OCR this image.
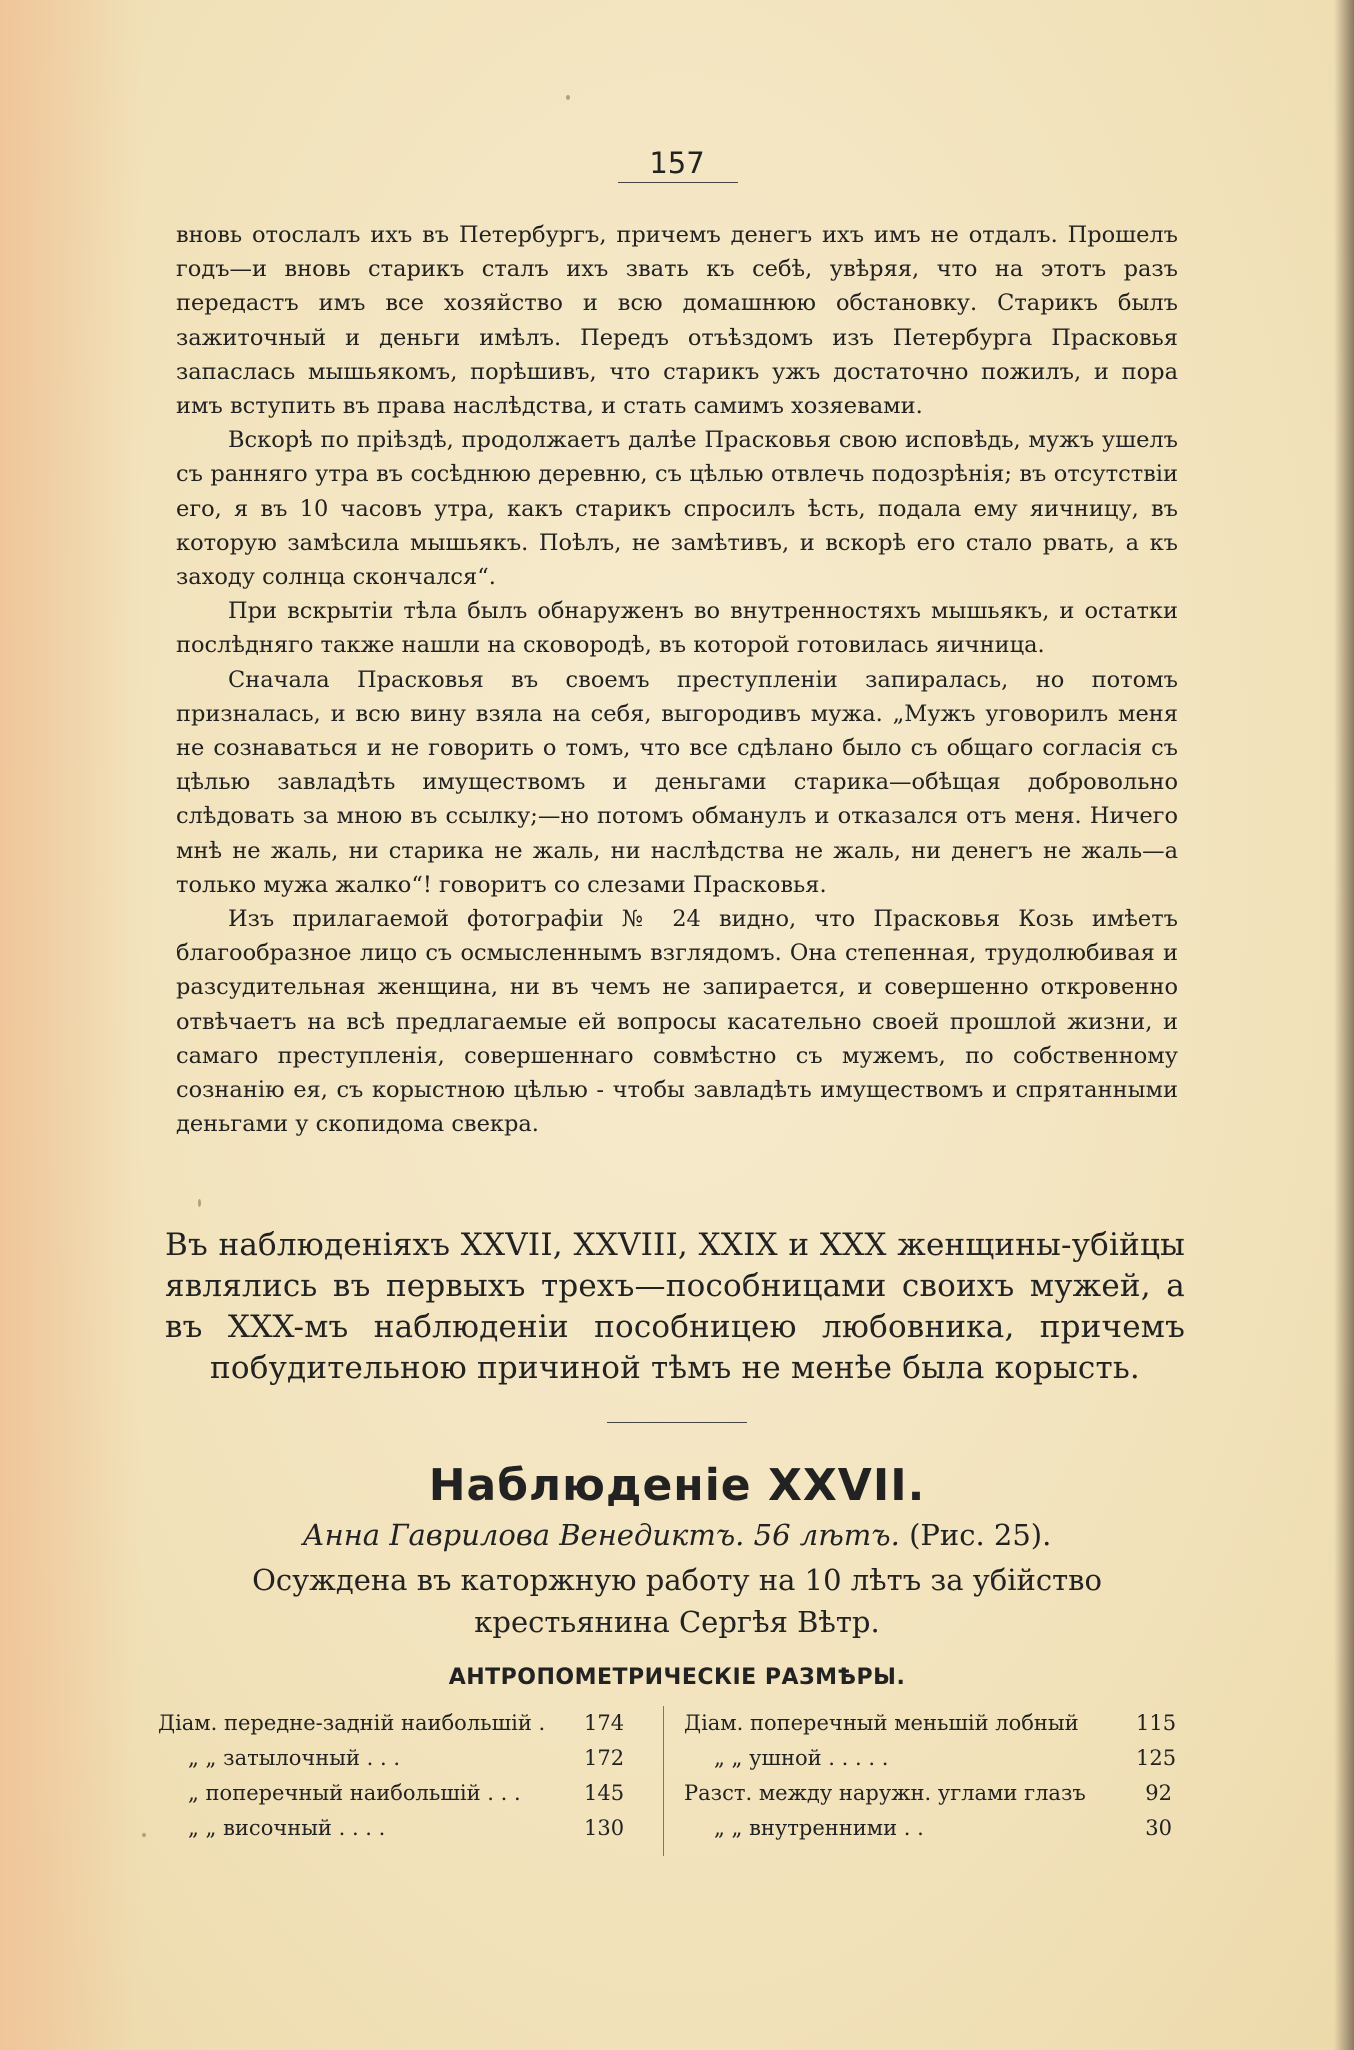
157

вновь отослалъ ихъ въ Петербургъ, причемъ денегъ ихъ имъ не отдалъ. Прошелъ годъ—и вновь старикъ сталъ ихъ звать къ себѣ, увѣряя, что на этотъ разъ передастъ имъ все хозяйство и всю домашнюю обстановку. Старикъ былъ зажиточный и деньги имѣлъ. Передъ отъѣздомъ изъ Петербурга Прасковья запаслась мышьякомъ, порѣшивъ, что старикъ ужъ достаточно пожилъ, и пора имъ вступить въ права наслѣдства, и стать самимъ хозяевами.

Вскорѣ по пріѣздѣ, продолжаетъ далѣе Прасковья свою исповѣдь, мужъ ушелъ съ ранняго утра въ сосѣднюю деревню, съ цѣлью отвлечь подозрѣнія; въ отсутствіи его, я въ 10 часовъ утра, какъ старикъ спросилъ ѣсть, подала ему яичницу, въ которую замѣсила мышьякъ. Поѣлъ, не замѣтивъ, и вскорѣ его стало рвать, а къ заходу солнца скончался“.

При вскрытіи тѣла былъ обнаруженъ во внутренностяхъ мышьякъ, и остатки послѣдняго также нашли на сковородѣ, въ которой готовилась яичница.

Сначала Прасковья въ своемъ преступленіи запиралась, но потомъ призналась, и всю вину взяла на себя, выгородивъ мужа. „Мужъ уговорилъ меня не сознаваться и не говорить о томъ, что все сдѣлано было съ общаго согласія съ цѣлью завладѣть имуществомъ и деньгами старика—обѣщая добровольно слѣдовать за мною въ ссылку;—но потомъ обманулъ и отказался отъ меня. Ничего мнѣ не жаль, ни старика не жаль, ни наслѣдства не жаль, ни денегъ не жаль—а только мужа жалко“! говоритъ со слезами Прасковья.

Изъ прилагаемой фотографіи № 24 видно, что Прасковья Козь имѣетъ благообразное лицо съ осмысленнымъ взглядомъ. Она степенная, трудолюбивая и разсудительная женщина, ни въ чемъ не запирается, и совершенно откровенно отвѣчаетъ на всѣ предлагаемые ей вопросы касательно своей прошлой жизни, и самаго преступленія, совершеннаго совмѣстно съ мужемъ, по собственному сознанію ея, съ корыстною цѣлью - чтобы завладѣть имуществомъ и спрятанными деньгами у скопидома свекра.

Въ наблюденіяхъ XXVII, XXVIII, XXIX и XXX женщины-убійцы являлись въ первыхъ трехъ—пособницами своихъ мужей, а въ XXX-мъ наблюденіи пособницею любовника, причемъ побудительною причиной тѣмъ не менѣе была корысть.
Наблюденіе XXVII.
Анна Гаврилова Венедиктъ. 56 лѣтъ. (Рис. 25).
Осуждена въ каторжную работу на 10 лѣтъ за убійство крестьянина Сергѣя Вѣтр.
АНТРОПОМЕТРИЧЕСКІЕ РАЗМѢРЫ.
Діам. передне-задній наибольшій .	174
„ „ затылочный . . .	172
„ поперечный наибольшій . . .	145
„ „ височный . . . .	130
Діам. поперечный меньшій лобный	115
„ „ ушной . . . . .	125
Разст. между наружн. углами глазъ	92
„ „ внутренними . .	30
